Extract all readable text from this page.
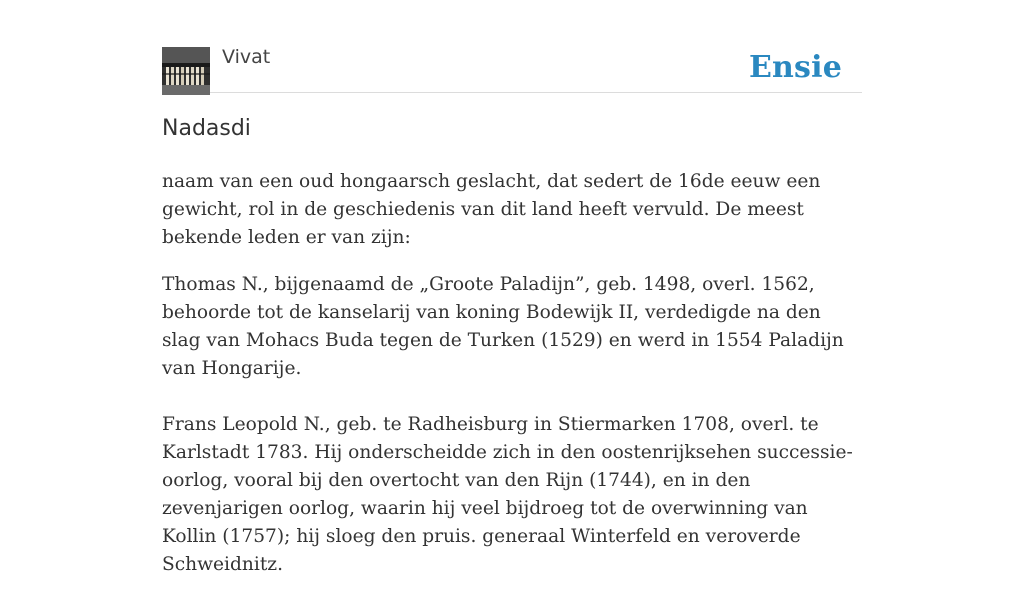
Vivat	Ensie
Nadasdi

naam van een oud hongaarsch geslacht, dat sedert de 16de eeuw een gewicht, rol in de geschiedenis van dit land heeft vervuld. De meest bekende leden er van zijn:

Thomas N., bijgenaamd de „Groote Paladijn”, geb. 1498, overl. 1562, behoorde tot de kanselarij van koning Bodewijk II, verdedigde na den slag van Mohacs Buda tegen de Turken (1529) en werd in 1554 Paladijn van Hongarije.

Frans Leopold N., geb. te Radheisburg in Stiermarken 1708, overl. te Karlstadt 1783. Hij onderscheidde zich in den oostenrijksehen successie-oorlog, vooral bij den overtocht van den Rijn (1744), en in den zevenjarigen oorlog, waarin hij veel bijdroeg tot de overwinning van Kollin (1757); hij sloeg den pruis. generaal Winterfeld en veroverde Schweidnitz.
